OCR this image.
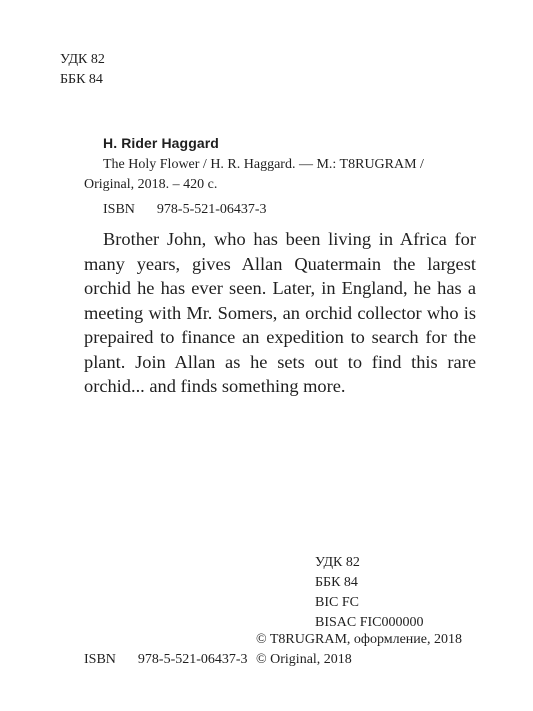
УДК 82
ББК 84
H. Rider Haggard
The Holy Flower / H. R. Haggard. — M.: T8RUGRAM / Original, 2018. – 420 c.
ISBN 978-5-521-06437-3
Brother John, who has been living in Africa for many years, gives Allan Quatermain the largest orchid he has ever seen. Later, in England, he has a meeting with Mr. Somers, an orchid collector who is prepaired to finance an expedition to search for the plant. Join Allan as he sets out to find this rare orchid... and finds something more.
УДК 82
ББК 84
BIC FC
BISAC FIC000000
© T8RUGRAM, оформление, 2018
© Original, 2018
ISBN 978-5-521-06437-3
